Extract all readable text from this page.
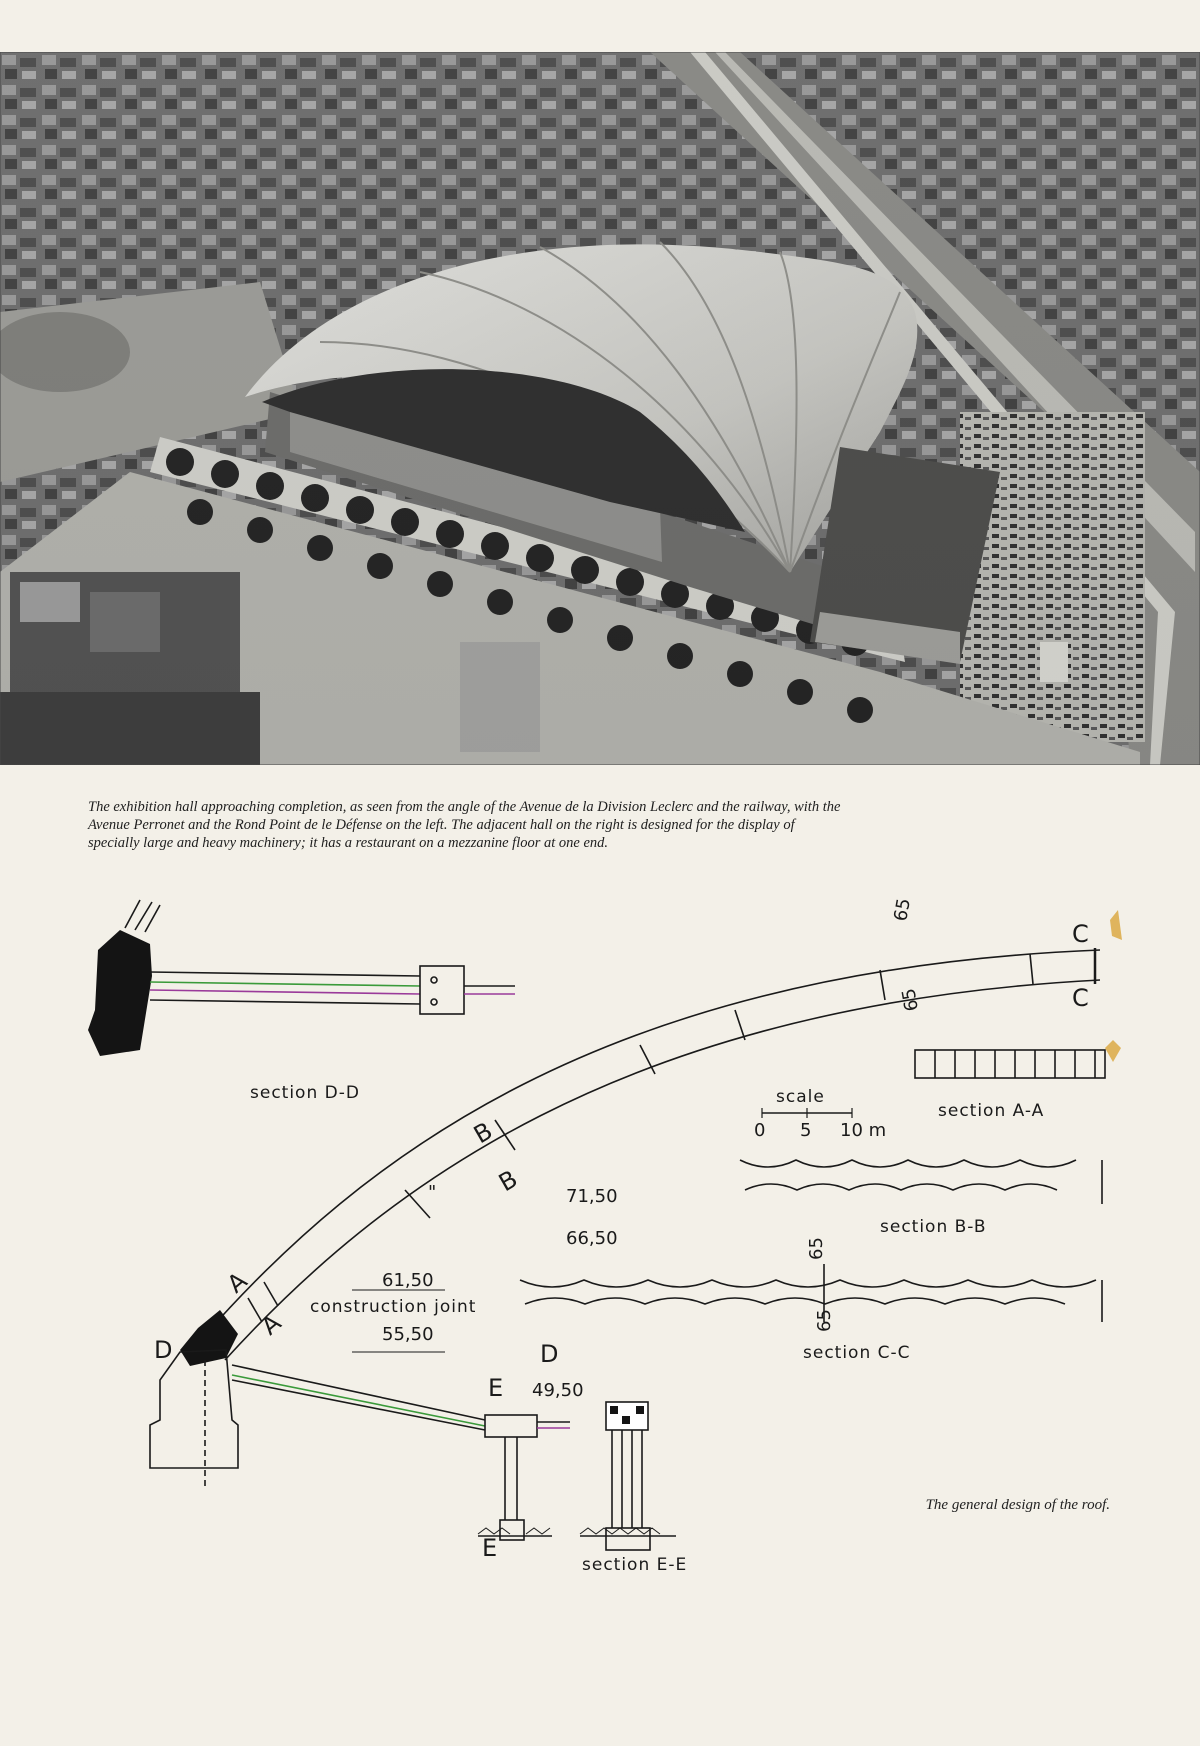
The exhibition hall approaching completion, as seen from the angle of the Avenue de la Division Leclerc and the railway, with the Avenue Perronet and the Rond Point de le Défense on the left. The adjacent hall on the right is designed for the display of specially large and heavy machinery; it has a restaurant on a mezzanine floor at one end.
section D-D
section A-A
section B-B
section C-C
section E-E
scale
0 5 10 m
71,50
66,50
61,50
construction joint
55,50
49,50
A
A
B
B
C
C
D	D
E
E
"
65
65
65
65
The general design of the roof.
